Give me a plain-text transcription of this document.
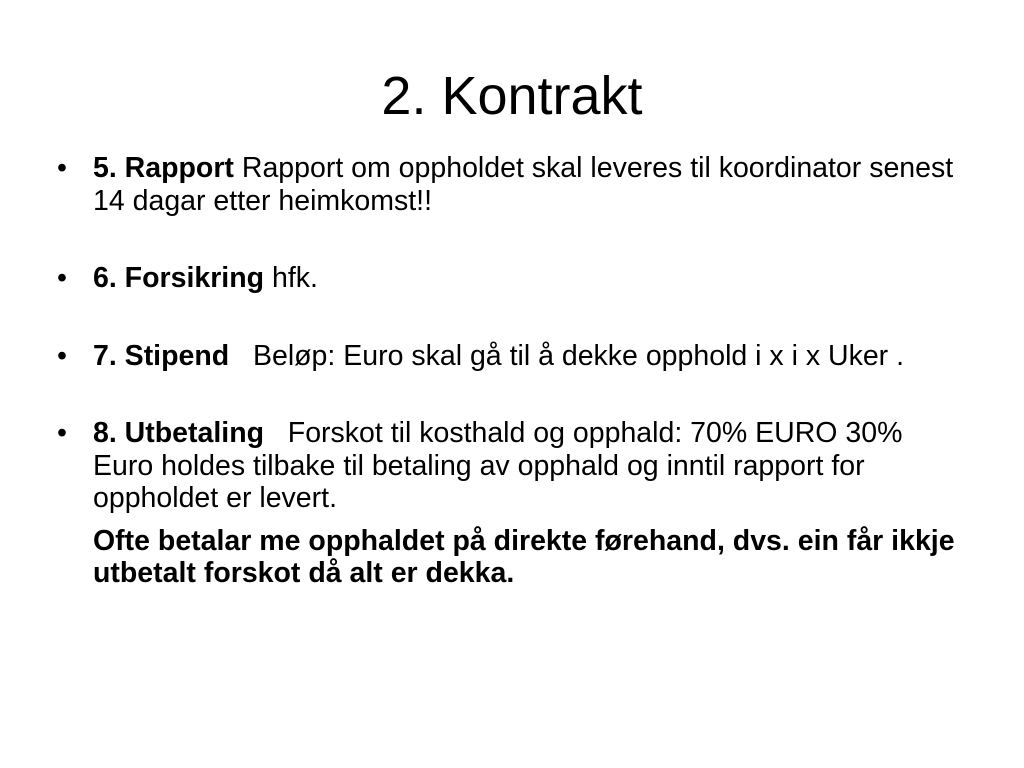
2. Kontrakt
• 5. Rapport Rapport om oppholdet skal leveres til koordinator senest 14 dagar etter heimkomst!!
• 6. Forsikring hfk.
• 7. Stipend Beløp: Euro skal gå til å dekke opphold i x i x Uker .
• 8. Utbetaling Forskot til kosthald og opphald: 70% EURO 30% Euro holdes tilbake til betaling av opphald og inntil rapport for oppholdet er levert.
Ofte betalar me opphaldet på direkte førehand, dvs. ein får ikkje utbetalt forskot då alt er dekka.
